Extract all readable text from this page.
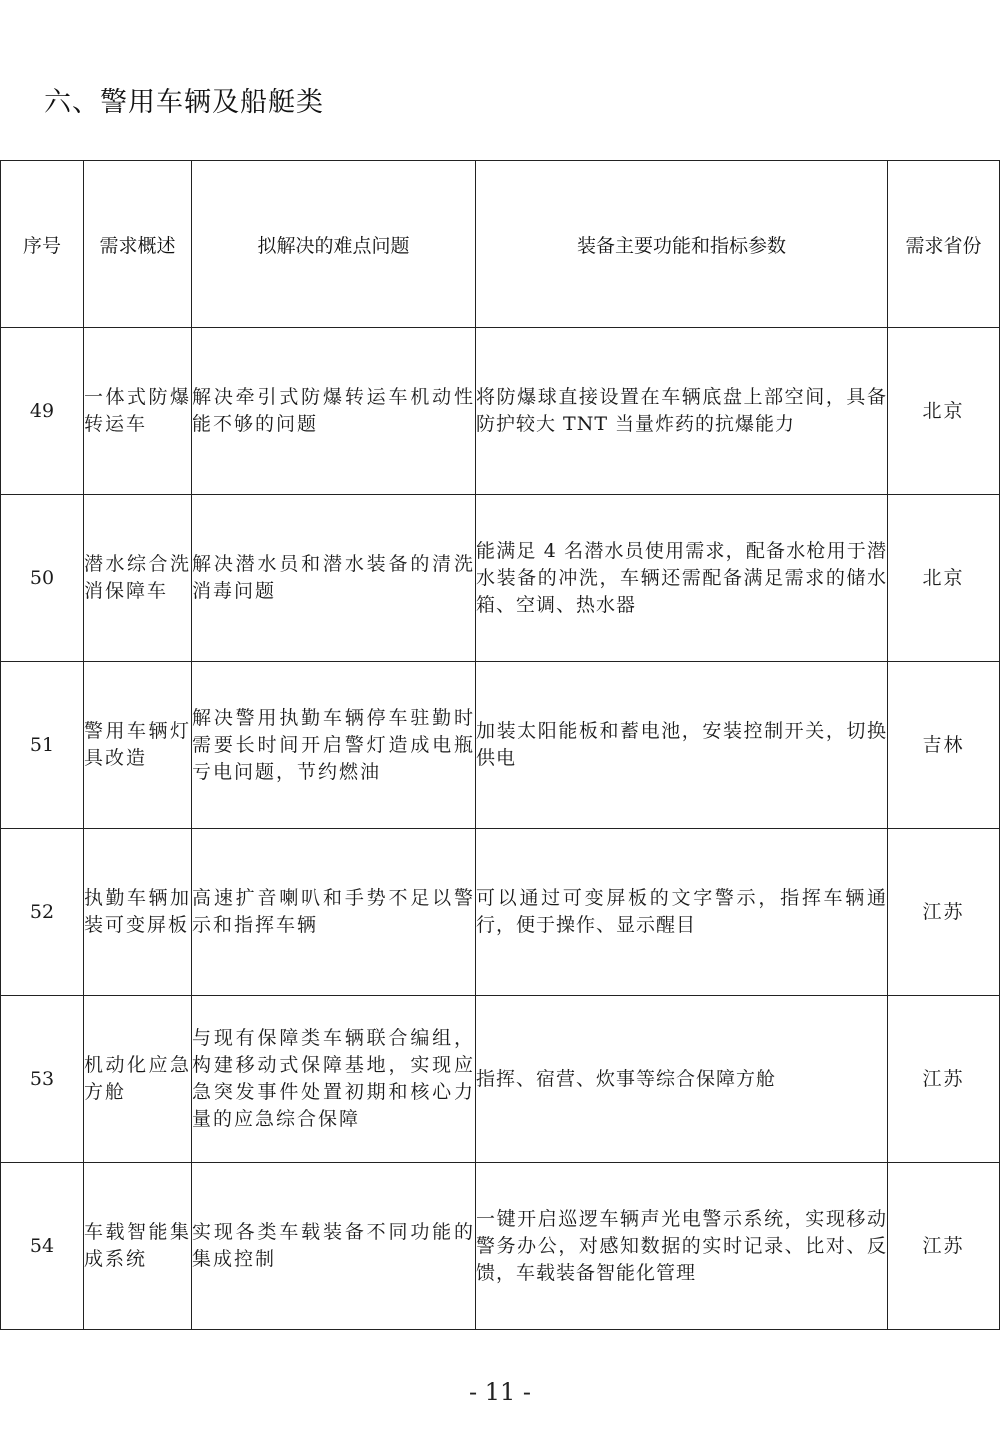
六、警用车辆及船艇类
序号	需求概述	拟解决的难点问题	装备主要功能和指标参数	需求省份
49	一体式防爆转运车	解决牵引式防爆转运车机动性能不够的问题	将防爆球直接设置在车辆底盘上部空间，具备防护较大 TNT 当量炸药的抗爆能力	北京
50	潜水综合洗消保障车	解决潜水员和潜水装备的清洗消毒问题	能满足 4 名潜水员使用需求，配备水枪用于潜水装备的冲洗，车辆还需配备满足需求的储水箱、空调、热水器	北京
51	警用车辆灯具改造	解决警用执勤车辆停车驻勤时需要长时间开启警灯造成电瓶亏电问题，节约燃油	加装太阳能板和蓄电池，安装控制开关，切换供电	吉林
52	执勤车辆加装可变屏板	高速扩音喇叭和手势不足以警示和指挥车辆	可以通过可变屏板的文字警示，指挥车辆通行，便于操作、显示醒目	江苏
53	机动化应急方舱	与现有保障类车辆联合编组，构建移动式保障基地，实现应急突发事件处置初期和核心力量的应急综合保障	指挥、宿营、炊事等综合保障方舱	江苏
54	车载智能集成系统	实现各类车载装备不同功能的集成控制	一键开启巡逻车辆声光电警示系统，实现移动警务办公，对感知数据的实时记录、比对、反馈，车载装备智能化管理	江苏
- 11 -
